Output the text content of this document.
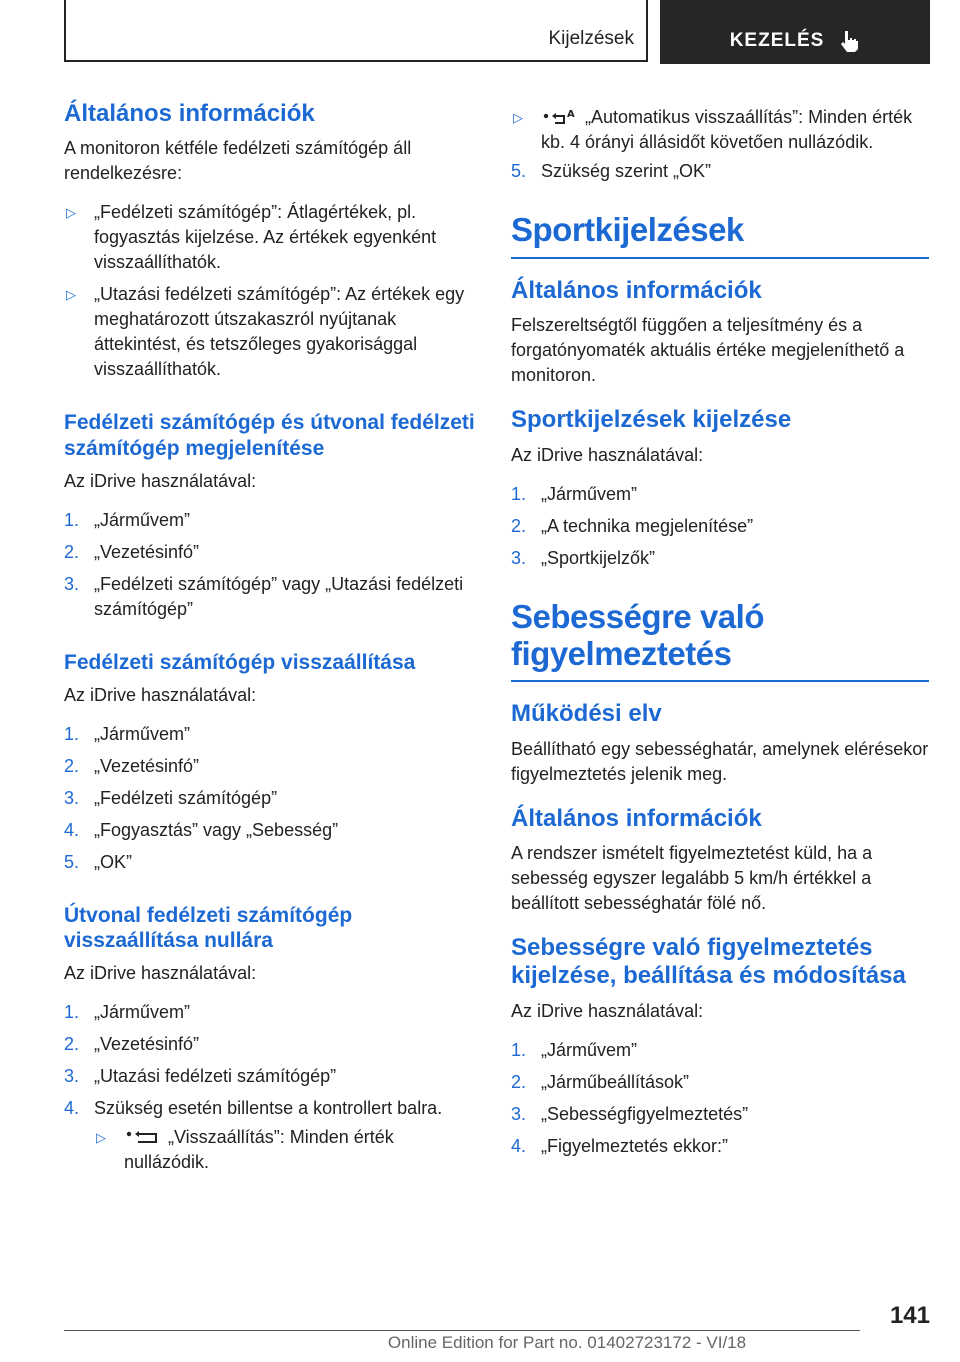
Kijelzések	KEZELÉS
Általános információk

A monitoron kétféle fedélzeti számítógép áll rendelkezésre:

▷ „Fedélzeti számítógép”: Átlagértékek, pl. fogyasztás kijelzése. Az értékek egyenként visszaállíthatók.
▷ „Utazási fedélzeti számítógép”: Az értékek egy meghatározott útszakaszról nyújtanak áttekintést, és tetszőleges gyakorisággal visszaállíthatók.
Fedélzeti számítógép és útvonal fedélzeti számítógép megjelenítése

Az iDrive használatával:

1. „Járművem”
2. „Vezetésinfó”
3. „Fedélzeti számítógép” vagy „Utazási fedélzeti számítógép”
Fedélzeti számítógép visszaállítása

Az iDrive használatával:

1. „Járművem”
2. „Vezetésinfó”
3. „Fedélzeti számítógép”
4. „Fogyasztás” vagy „Sebesség”
5. „OK”
Útvonal fedélzeti számítógép visszaállítása nullára

Az iDrive használatával:

1. „Járművem”
2. „Vezetésinfó”
3. „Utazási fedélzeti számítógép”
4. Szükség esetén billentse a kontrollert balra.
▷	„Visszaállítás”: Minden érték nullázódik.
▷	A „Automatikus visszaállítás”: Minden érték kb. 4 órányi állásidőt követően nullázódik.
5. Szükség szerint „OK”
Sportkijelzések
Általános információk

Felszereltségtől függően a teljesítmény és a forgatónyomaték aktuális értéke megjeleníthető a monitoron.

Sportkijelzések kijelzése

Az iDrive használatával:

1. „Járművem”
2. „A technika megjelenítése”
3. „Sportkijelzők”
Sebességre való figyelmeztetés
Működési elv

Beállítható egy sebességhatár, amelynek elérésekor figyelmeztetés jelenik meg.

Általános információk

A rendszer ismételt figyelmeztetést küld, ha a sebesség egyszer legalább 5 km/h értékkel a beállított sebességhatár fölé nő.

Sebességre való figyelmeztetés kijelzése, beállítása és módosítása

Az iDrive használatával:

1. „Járművem”
2. „Járműbeállítások”
3. „Sebességfigyelmeztetés”
4. „Figyelmeztetés ekkor:”
141
Online Edition for Part no. 01402723172 - VI/18
